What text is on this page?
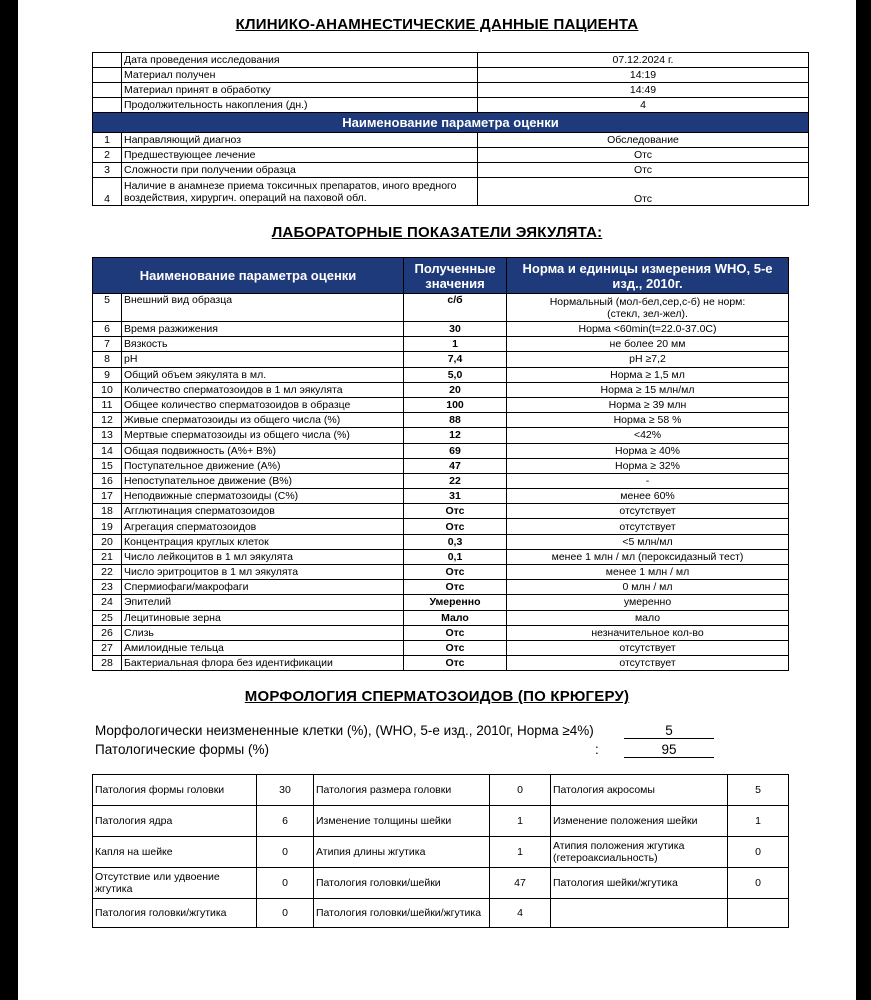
КЛИНИКО-АНАМНЕСТИЧЕСКИЕ ДАННЫЕ ПАЦИЕНТА
	Дата проведения исследования	07.12.2024 г.
	Материал получен	14:19
	Материал принят в обработку	14:49
	Продолжительность накопления (дн.)	4
Наименование параметра оценки		
1	Направляющий диагноз	Обследование
2	Предшествующее лечение	Отс
3	Сложности при получении образца	Отс
4	Наличие в анамнезе приема токсичных препаратов, иного вредного воздействия, хирургич. операций на паховой обл.	Отс
ЛАБОРАТОРНЫЕ ПОКАЗАТЕЛИ ЭЯКУЛЯТА:
Наименование параметра оценки		Полученные значения	Норма и единицы измерения WHO, 5-е изд., 2010г.
5	Внешний вид образца	с/б	Нормальный (мол-бел,сер,с-б) не норм: (стекл, зел-жел).
6	Время разжижения	30	Норма <60min(t=22.0-37.0C)
7	Вязкость	1	не более 20 мм
8	pH	7,4	pH ≥7,2
9	Общий объем эякулята в мл.	5,0	Норма ≥ 1,5 мл
10	Количество сперматозоидов в 1 мл эякулята	20	Норма ≥ 15 млн/мл
11	Общее количество сперматозоидов в образце	100	Норма ≥ 39 млн
12	Живые сперматозоиды из общего числа (%)	88	Норма ≥ 58 %
13	Мертвые сперматозоиды из общего числа (%)	12	<42%
14	Общая подвижность (А%+ В%)	69	Норма ≥ 40%
15	Поступательное движение (А%)	47	Норма ≥ 32%
16	Непоступательное движение (В%)	22	-
17	Неподвижные сперматозоиды (С%)	31	менее 60%
18	Агглютинация сперматозоидов	Отс	отсутствует
19	Агрегация сперматозоидов	Отс	отсутствует
20	Концентрация круглых клеток	0,3	<5 млн/мл
21	Число лейкоцитов в 1 мл эякулята	0,1	менее 1 млн / мл (пероксидазный тест)
22	Число эритроцитов в 1 мл эякулята	Отс	менее 1 млн / мл
23	Спермиофаги/макрофаги	Отс	0 млн / мл
24	Эпителий	Умеренно	умеренно
25	Лецитиновые зерна	Мало	мало
26	Слизь	Отс	незначительное кол-во
27	Амилоидные тельца	Отс	отсутствует
28	Бактериальная флора без идентификации	Отс	отсутствует
МОРФОЛОГИЯ СПЕРМАТОЗОИДОВ (ПО КРЮГЕРУ)
Морфологически неизмененные клетки (%), (WHO, 5-е изд., 2010г, Норма ≥4%)	5
Патологические формы (%)	:	95
Патология формы головки	30	Патология размера головки	0	Патология акросомы	5
Патология ядра	6	Изменение толщины шейки	1	Изменение положения шейки	1
Капля на шейке	0	Атипия длины жгутика	1	Атипия положения жгутика (гетероаксиальность)	0
Отсутствие или удвоение жгутика	0	Патология головки/шейки	47	Патология шейки/жгутика	0
Патология головки/жгутика	0	Патология головки/шейки/жгутика	4		
